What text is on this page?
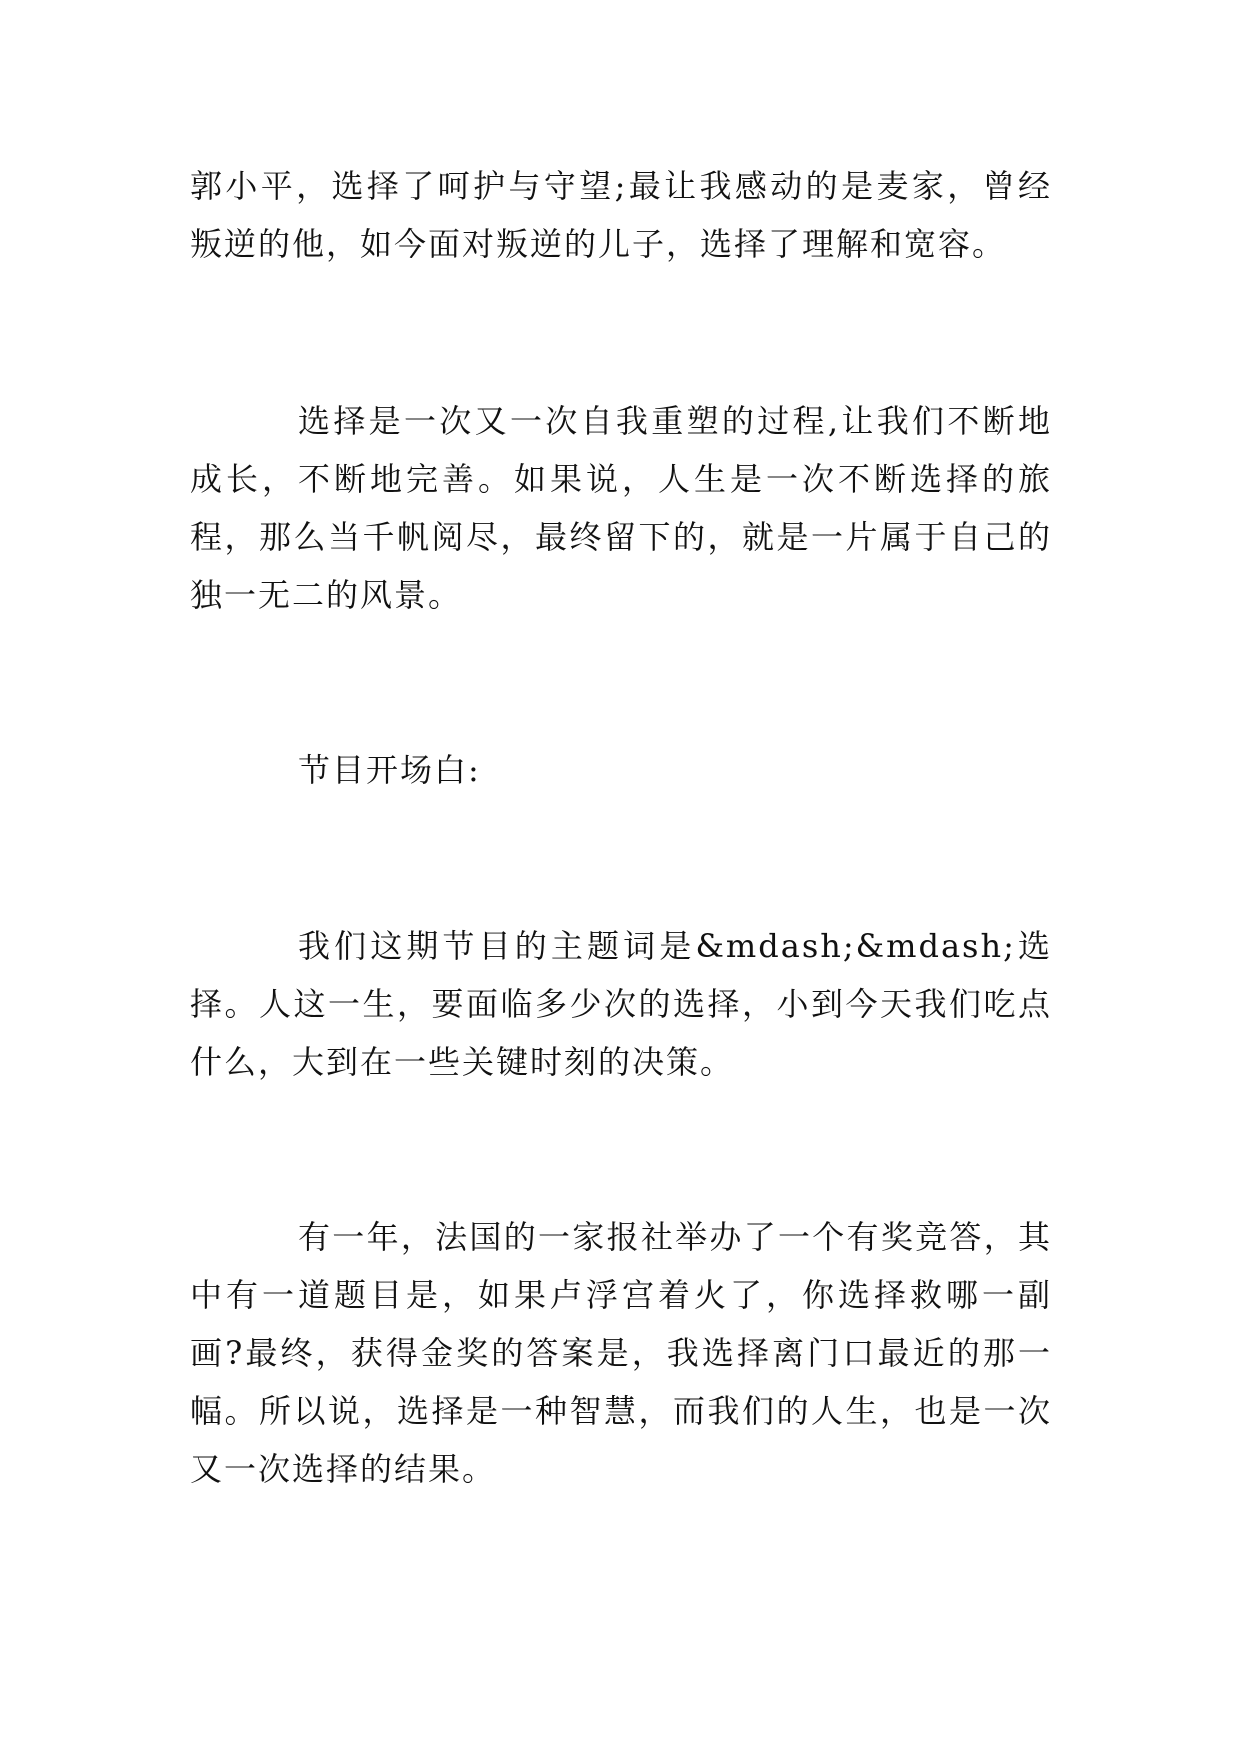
郭小平，选择了呵护与守望;最让我感动的是麦家，曾经叛逆的他，如今面对叛逆的儿子，选择了理解和宽容。

选择是一次又一次自我重塑的过程,让我们不断地成长，不断地完善。如果说，人生是一次不断选择的旅程，那么当千帆阅尽，最终留下的，就是一片属于自己的独一无二的风景。

节目开场白:

我们这期节目的主题词是&mdash;&mdash;选择。人这一生，要面临多少次的选择，小到今天我们吃点什么，大到在一些关键时刻的决策。

有一年，法国的一家报社举办了一个有奖竞答，其中有一道题目是，如果卢浮宫着火了，你选择救哪一副画?最终，获得金奖的答案是，我选择离门口最近的那一幅。所以说，选择是一种智慧，而我们的人生，也是一次又一次选择的结果。
